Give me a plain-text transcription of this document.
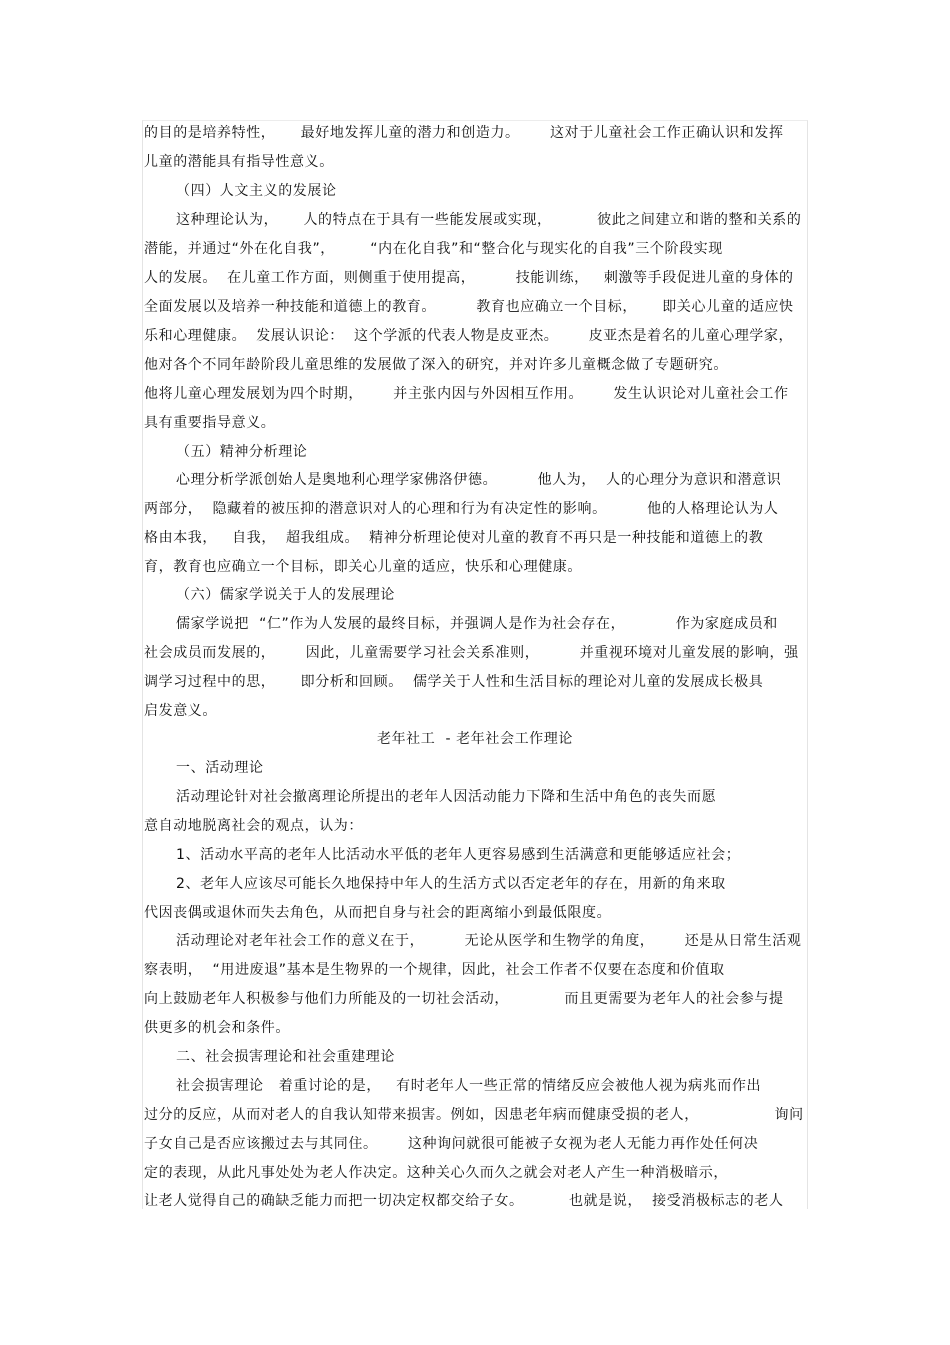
的目的是培养特性，     最好地发挥儿童的潜力和创造力。      这对于儿童社会工作正确认识和发挥
儿童的潜能具有指导性意义。
（四）人文主义的发展论
这种理论认为，     人的特点在于具有一些能发展或实现，         彼此之间建立和谐的整和关系的
潜能，并通过“外在化自我”，       “内在化自我”和“整合化与现实化的自我”三个阶段实现
人的发展。  在儿童工作方面，则侧重于使用提高，        技能训练，   刺激等手段促进儿童的身体的
全面发展以及培养一种技能和道德上的教育。        教育也应确立一个目标，     即关心儿童的适应快
乐和心理健康。  发展认识论：  这个学派的代表人物是皮亚杰。      皮亚杰是着名的儿童心理学家，
他对各个不同年龄阶段儿童思维的发展做了深入的研究，并对许多儿童概念做了专题研究。
他将儿童心理发展划为四个时期，      并主张内因与外因相互作用。      发生认识论对儿童社会工作
具有重要指导意义。
（五）精神分析理论
心理分析学派创始人是奥地利心理学家佛洛伊德。        他人为，  人的心理分为意识和潜意识
两部分，  隐藏着的被压抑的潜意识对人的心理和行为有决定性的影响。        他的人格理论认为人
格由本我，   自我，  超我组成。  精神分析理论使对儿童的教育不再只是一种技能和道德上的教
育，教育也应确立一个目标，即关心儿童的适应，快乐和心理健康。
（六）儒家学说关于人的发展理论
儒家学说把  “仁”作为人发展的最终目标，并强调人是作为社会存在，          作为家庭成员和
社会成员而发展的，      因此，儿童需要学习社会关系准则，        并重视环境对儿童发展的影响，强
调学习过程中的思，     即分析和回顾。  儒学关于人性和生活目标的理论对儿童的发展成长极具
启发意义。
老年社工  - 老年社会工作理论
一、活动理论
活动理论针对社会撤离理论所提出的老年人因活动能力下降和生活中角色的丧失而愿
意自动地脱离社会的观点，认为：
1、活动水平高的老年人比活动水平低的老年人更容易感到生活满意和更能够适应社会；
2、老年人应该尽可能长久地保持中年人的生活方式以否定老年的存在，用新的角来取
代因丧偶或退休而失去角色，从而把自身与社会的距离缩小到最低限度。
活动理论对老年社会工作的意义在于，        无论从医学和生物学的角度，      还是从日常生活观
察表明，  “用进废退”基本是生物界的一个规律，因此，社会工作者不仅要在态度和价值取
向上鼓励老年人积极参与他们力所能及的一切社会活动，           而且更需要为老年人的社会参与提
供更多的机会和条件。
二、社会损害理论和社会重建理论
社会损害理论   着重讨论的是，   有时老年人一些正常的情绪反应会被他人视为病兆而作出
过分的反应，从而对老人的自我认知带来损害。例如，因患老年病而健康受损的老人，               询问
子女自己是否应该搬过去与其同住。      这种询问就很可能被子女视为老人无能力再作处任何决
定的表现，从此凡事处处为老人作决定。这种关心久而久之就会对老人产生一种消极暗示，
让老人觉得自己的确缺乏能力而把一切决定权都交给子女。         也就是说，  接受消极标志的老人
